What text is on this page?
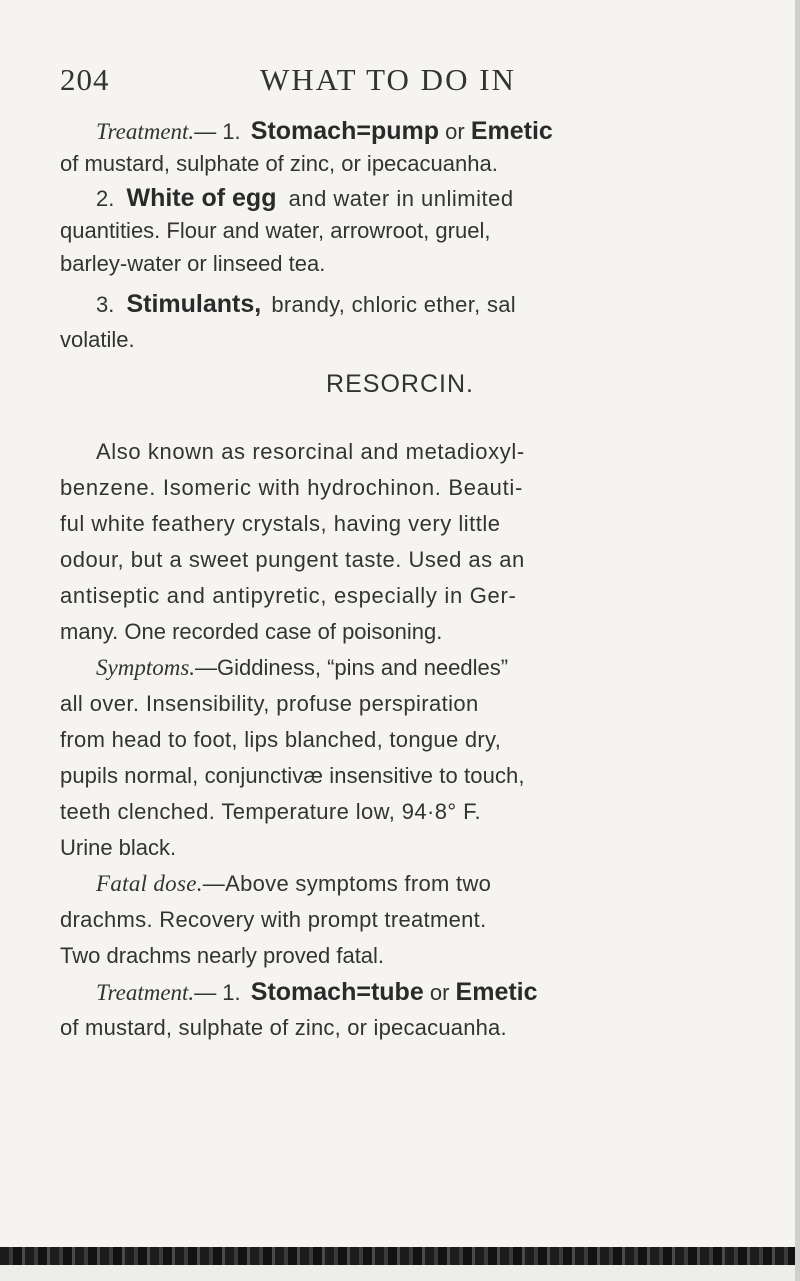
204	WHAT TO DO IN
Treatment.— 1. Stomach=pump or Emetic
of mustard, sulphate of zinc, or ipecacuanha.
2. White of egg and water in unlimited
quantities. Flour and water, arrowroot, gruel,
barley-water or linseed tea.
3. Stimulants, brandy, chloric ether, sal
volatile.
RESORCIN.
Also known as resorcinal and metadioxyl-
benzene. Isomeric with hydrochinon. Beauti-
ful white feathery crystals, having very little
odour, but a sweet pungent taste. Used as an
antiseptic and antipyretic, especially in Ger-
many. One recorded case of poisoning.
Symptoms.—Giddiness, “pins and needles”
all over. Insensibility, profuse perspiration
from head to foot, lips blanched, tongue dry,
pupils normal, conjunctivæ insensitive to touch,
teeth clenched. Temperature low, 94·8° F.
Urine black.
Fatal dose.—Above symptoms from two
drachms. Recovery with prompt treatment.
Two drachms nearly proved fatal.
Treatment.— 1. Stomach=tube or Emetic
of mustard, sulphate of zinc, or ipecacuanha.
